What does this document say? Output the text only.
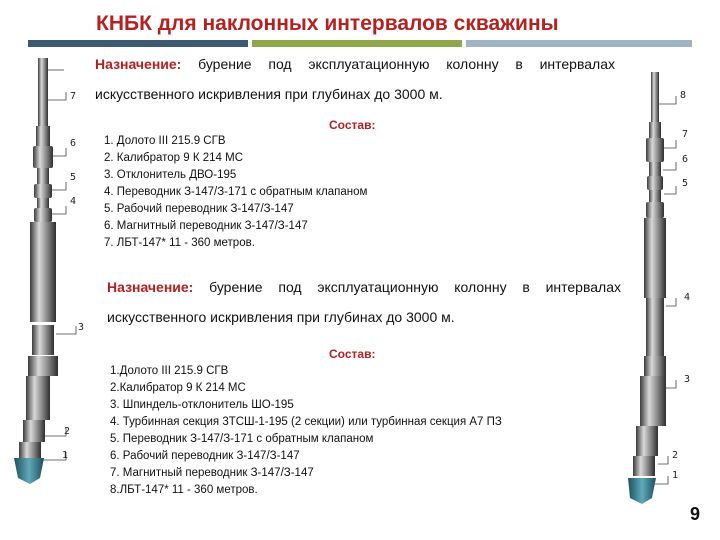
КНБК для наклонных интервалов скважины
7
6
5
4
3
2
1
8
7
6
5
4
3
2
1
Назначение: бурение под эксплуатационную колонну в интервалах искусственного искривления при глубинах до 3000 м.
Состав:
1. Долото III 215.9 СГВ
2. Калибратор 9 К 214 МС
3. Отклонитель ДВО-195
4. Переводник З-147/З-171 с обратным клапаном
5. Рабочий переводник З-147/З-147
6. Магнитный переводник З-147/З-147
7. ЛБТ-147* 11 - 360 метров.
Назначение: бурение под эксплуатационную колонну в интервалах искусственного искривления при глубинах до 3000 м.
Состав:
1.Долото III 215.9 СГВ
2.Калибратор 9 К 214 МС
3. Шпиндель-отклонитель ШО-195
4. Турбинная секция 3ТСШ-1-195 (2 секции) или турбинная секция А7 ПЗ
5. Переводник З-147/З-171 с обратным клапаном
6. Рабочий переводник З-147/З-147
7. Магнитный переводник З-147/З-147
8.ЛБТ-147* 11 - 360 метров.
9
